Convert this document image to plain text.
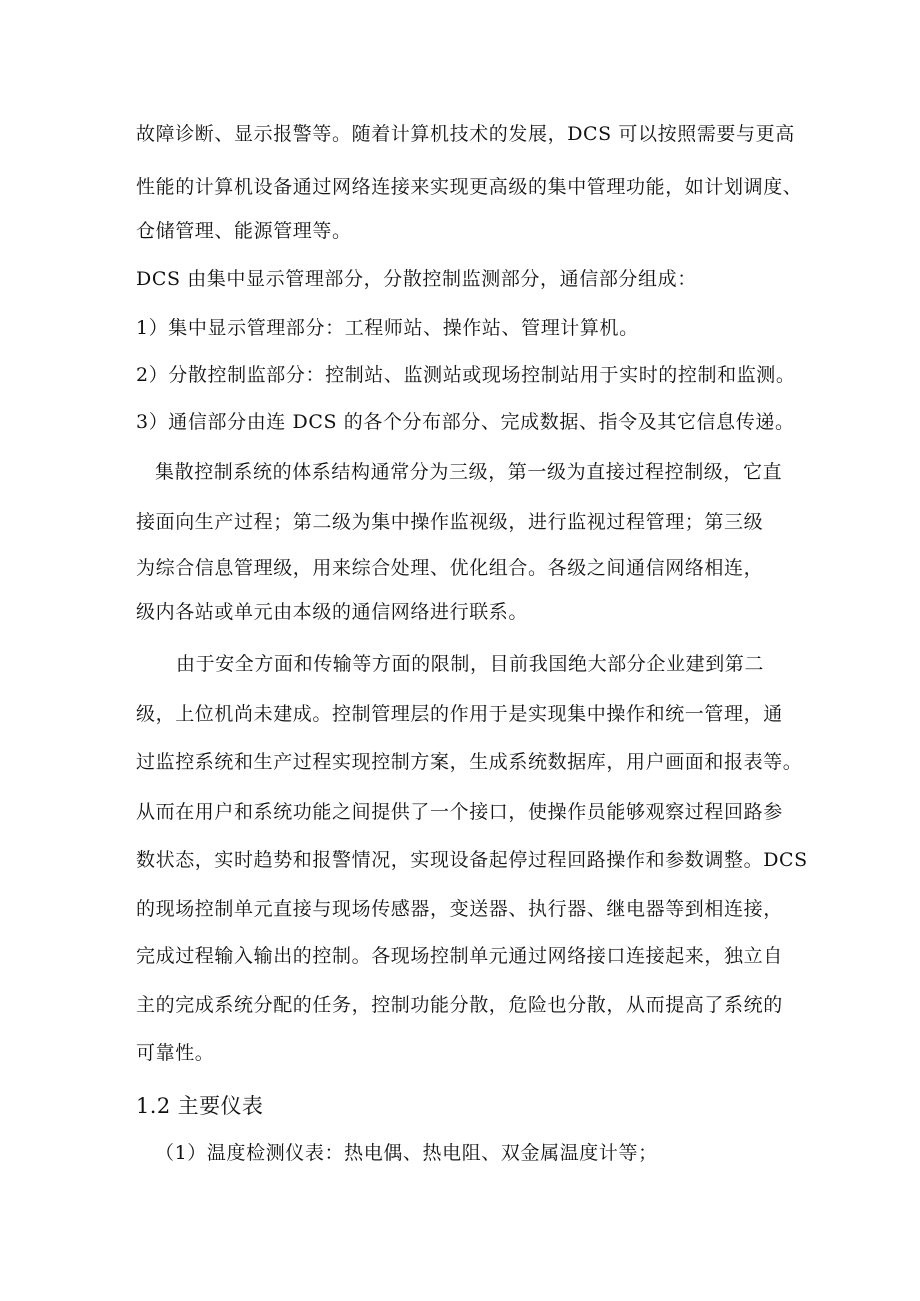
故障诊断、显示报警等。随着计算机技术的发展，DCS 可以按照需要与更高
性能的计算机设备通过网络连接来实现更高级的集中管理功能，如计划调度、
仓储管理、能源管理等。
DCS 由集中显示管理部分，分散控制监测部分，通信部分组成：
1）集中显示管理部分：工程师站、操作站、管理计算机。
2）分散控制监部分：控制站、监测站或现场控制站用于实时的控制和监测。
3）通信部分由连 DCS 的各个分布部分、完成数据、指令及其它信息传递。
集散控制系统的体系结构通常分为三级，第一级为直接过程控制级，它直
接面向生产过程；第二级为集中操作监视级，进行监视过程管理；第三级
为综合信息管理级，用来综合处理、优化组合。各级之间通信网络相连，
级内各站或单元由本级的通信网络进行联系。
由于安全方面和传输等方面的限制，目前我国绝大部分企业建到第二
级，上位机尚未建成。控制管理层的作用于是实现集中操作和统一管理，通
过监控系统和生产过程实现控制方案，生成系统数据库，用户画面和报表等。
从而在用户和系统功能之间提供了一个接口，使操作员能够观察过程回路参
数状态，实时趋势和报警情况，实现设备起停过程回路操作和参数调整。DCS
的现场控制单元直接与现场传感器，变送器、执行器、继电器等到相连接，
完成过程输入输出的控制。各现场控制单元通过网络接口连接起来，独立自
主的完成系统分配的任务，控制功能分散，危险也分散，从而提高了系统的
可靠性。
1.2 主要仪表
（1）温度检测仪表：热电偶、热电阻、双金属温度计等；
